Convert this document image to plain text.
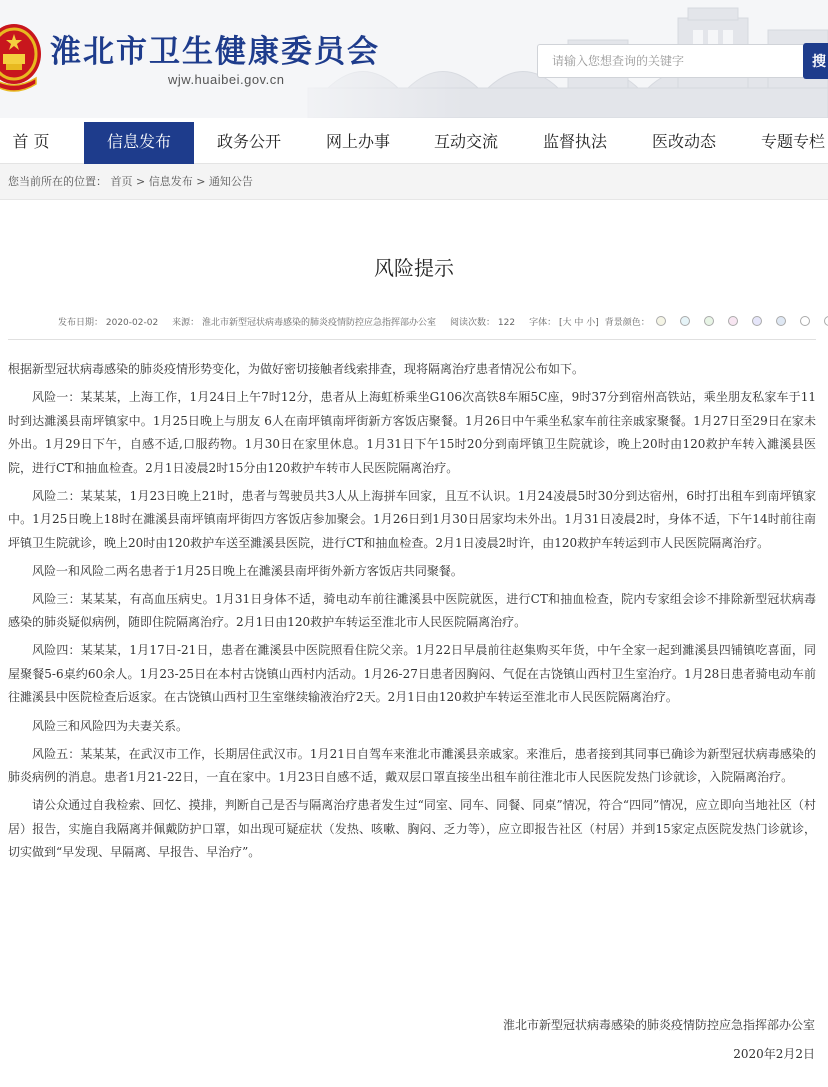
淮北市卫生健康委员会
wjw.huaibei.gov.cn
请输入您想查询的关键字
搜
首 页	信息发布	政务公开	网上办事	互动交流	监督执法	医改动态	专题专栏
您当前所在的位置： 首页 > 信息发布 > 通知公告
风险提示
发布日期： 2020-02-02 来源： 淮北市新型冠状病毒感染的肺炎疫情防控应急指挥部办公室 阅读次数： 122 字体： [大 中 小] 背景颜色：

根据新型冠状病毒感染的肺炎疫情形势变化，为做好密切接触者线索排查，现将隔离治疗患者情况公布如下。

风险一：某某某，上海工作，1月24日上午7时12分，患者从上海虹桥乘坐G106次高铁8车厢5C座，9时37分到宿州高铁站，乘坐朋友私家车于11时到达濉溪县南坪镇家中。1月25日晚上与朋友 6人在南坪镇南坪街新方客饭店聚餐。1月26日中午乘坐私家车前往亲戚家聚餐。1月27日至29日在家未外出。1月29日下午，自感不适,口服药物。1月30日在家里休息。1月31日下午15时20分到南坪镇卫生院就诊，晚上20时由120救护车转入濉溪县医院，进行CT和抽血检查。2月1日凌晨2时15分由120救护车转市人民医院隔离治疗。

风险二：某某某，1月23日晚上21时，患者与驾驶员共3人从上海拼车回家，且互不认识。1月24凌晨5时30分到达宿州，6时打出租车到南坪镇家中。1月25日晚上18时在濉溪县南坪镇南坪街四方客饭店参加聚会。1月26日到1月30日居家均未外出。1月31日凌晨2时，身体不适，下午14时前往南坪镇卫生院就诊，晚上20时由120救护车送至濉溪县医院，进行CT和抽血检查。2月1日凌晨2时许，由120救护车转运到市人民医院隔离治疗。

风险一和风险二两名患者于1月25日晚上在濉溪县南坪街外新方客饭店共同聚餐。

风险三：某某某，有高血压病史。1月31日身体不适，骑电动车前往濉溪县中医院就医，进行CT和抽血检查，院内专家组会诊不排除新型冠状病毒感染的肺炎疑似病例，随即住院隔离治疗。2月1日由120救护车转运至淮北市人民医院隔离治疗。

风险四：某某某，1月17日-21日，患者在濉溪县中医院照看住院父亲。1月22日早晨前往赵集购买年货，中午全家一起到濉溪县四铺镇吃喜面，同屋聚餐5-6桌约60余人。1月23-25日在本村古饶镇山西村内活动。1月26-27日患者因胸闷、气促在古饶镇山西村卫生室治疗。1月28日患者骑电动车前往濉溪县中医院检查后返家。在古饶镇山西村卫生室继续输液治疗2天。2月1日由120救护车转运至淮北市人民医院隔离治疗。

风险三和风险四为夫妻关系。

风险五：某某某，在武汉市工作，长期居住武汉市。1月21日自驾车来淮北市濉溪县亲戚家。来淮后，患者接到其同事已确诊为新型冠状病毒感染的肺炎病例的消息。患者1月21-22日，一直在家中。1月23日自感不适，戴双层口罩直接坐出租车前往淮北市人民医院发热门诊就诊，入院隔离治疗。

请公众通过自我检索、回忆、摸排，判断自己是否与隔离治疗患者发生过“同室、同车、同餐、同桌”情况，符合“四同”情况，应立即向当地社区（村居）报告，实施自我隔离并佩戴防护口罩，如出现可疑症状（发热、咳嗽、胸闷、乏力等），应立即报告社区（村居）并到15家定点医院发热门诊就诊，切实做到“早发现、早隔离、早报告、早治疗”。

淮北市新型冠状病毒感染的肺炎疫情防控应急指挥部办公室
2020年2月2日
